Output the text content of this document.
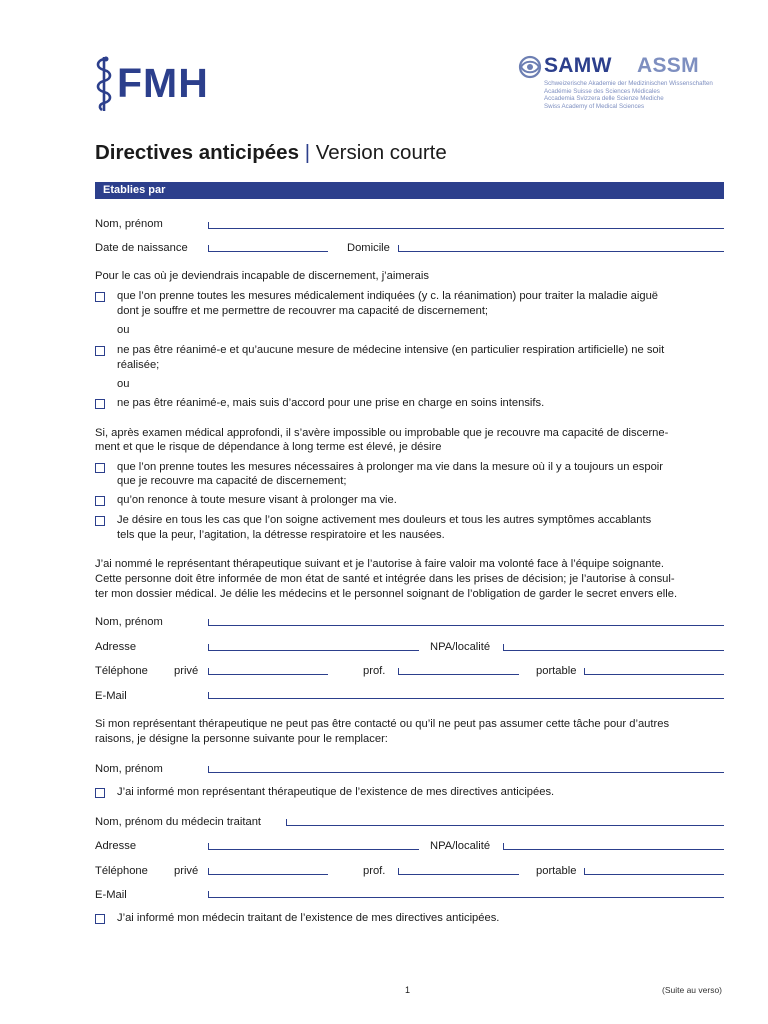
FMH	SAMW ASSM
Schweizerische Akademie der Medizinischen Wissenschaften
Académie Suisse des Sciences Médicales
Accademia Svizzera delle Scienze Mediche
Swiss Academy of Medical Sciences
Directives anticipées | Version courte
Etablies par
Nom, prénom
Date de naissance	Domicile
Pour le cas où je deviendrais incapable de discernement, j’aimerais
que l’on prenne toutes les mesures médicalement indiquées (y c. la réanimation) pour traiter la maladie aiguë
dont je souffre et me permettre de recouvrer ma capacité de discernement;
ou
ne pas être réanimé-e et qu’aucune mesure de médecine intensive (en particulier respiration artificielle) ne soit
réalisée;
ou
ne pas être réanimé-e, mais suis d’accord pour une prise en charge en soins intensifs.
Si, après examen médical approfondi, il s’avère impossible ou improbable que je recouvre ma capacité de discerne-
ment et que le risque de dépendance à long terme est élevé, je désire
que l’on prenne toutes les mesures nécessaires à prolonger ma vie dans la mesure où il y a toujours un espoir
que je recouvre ma capacité de discernement;
qu’on renonce à toute mesure visant à prolonger ma vie.
Je désire en tous les cas que l’on soigne activement mes douleurs et tous les autres symptômes accablants
tels que la peur, l’agitation, la détresse respiratoire et les nausées.
J’ai nommé le représentant thérapeutique suivant et je l’autorise à faire valoir ma volonté face à l’équipe soignante.
Cette personne doit être informée de mon état de santé et intégrée dans les prises de décision; je l’autorise à consul-
ter mon dossier médical. Je délie les médecins et le personnel soignant de l’obligation de garder le secret envers elle.
Nom, prénom
Adresse	NPA/localité
Téléphone privé	prof.	portable
E-Mail
Si mon représentant thérapeutique ne peut pas être contacté ou qu’il ne peut pas assumer cette tâche pour d’autres
raisons, je désigne la personne suivante pour le remplacer:
Nom, prénom
J’ai informé mon représentant thérapeutique de l’existence de mes directives anticipées.
Nom, prénom du médecin traitant
Adresse	NPA/localité
Téléphone privé	prof.	portable
E-Mail
J’ai informé mon médecin traitant de l’existence de mes directives anticipées.
1	(Suite au verso)
